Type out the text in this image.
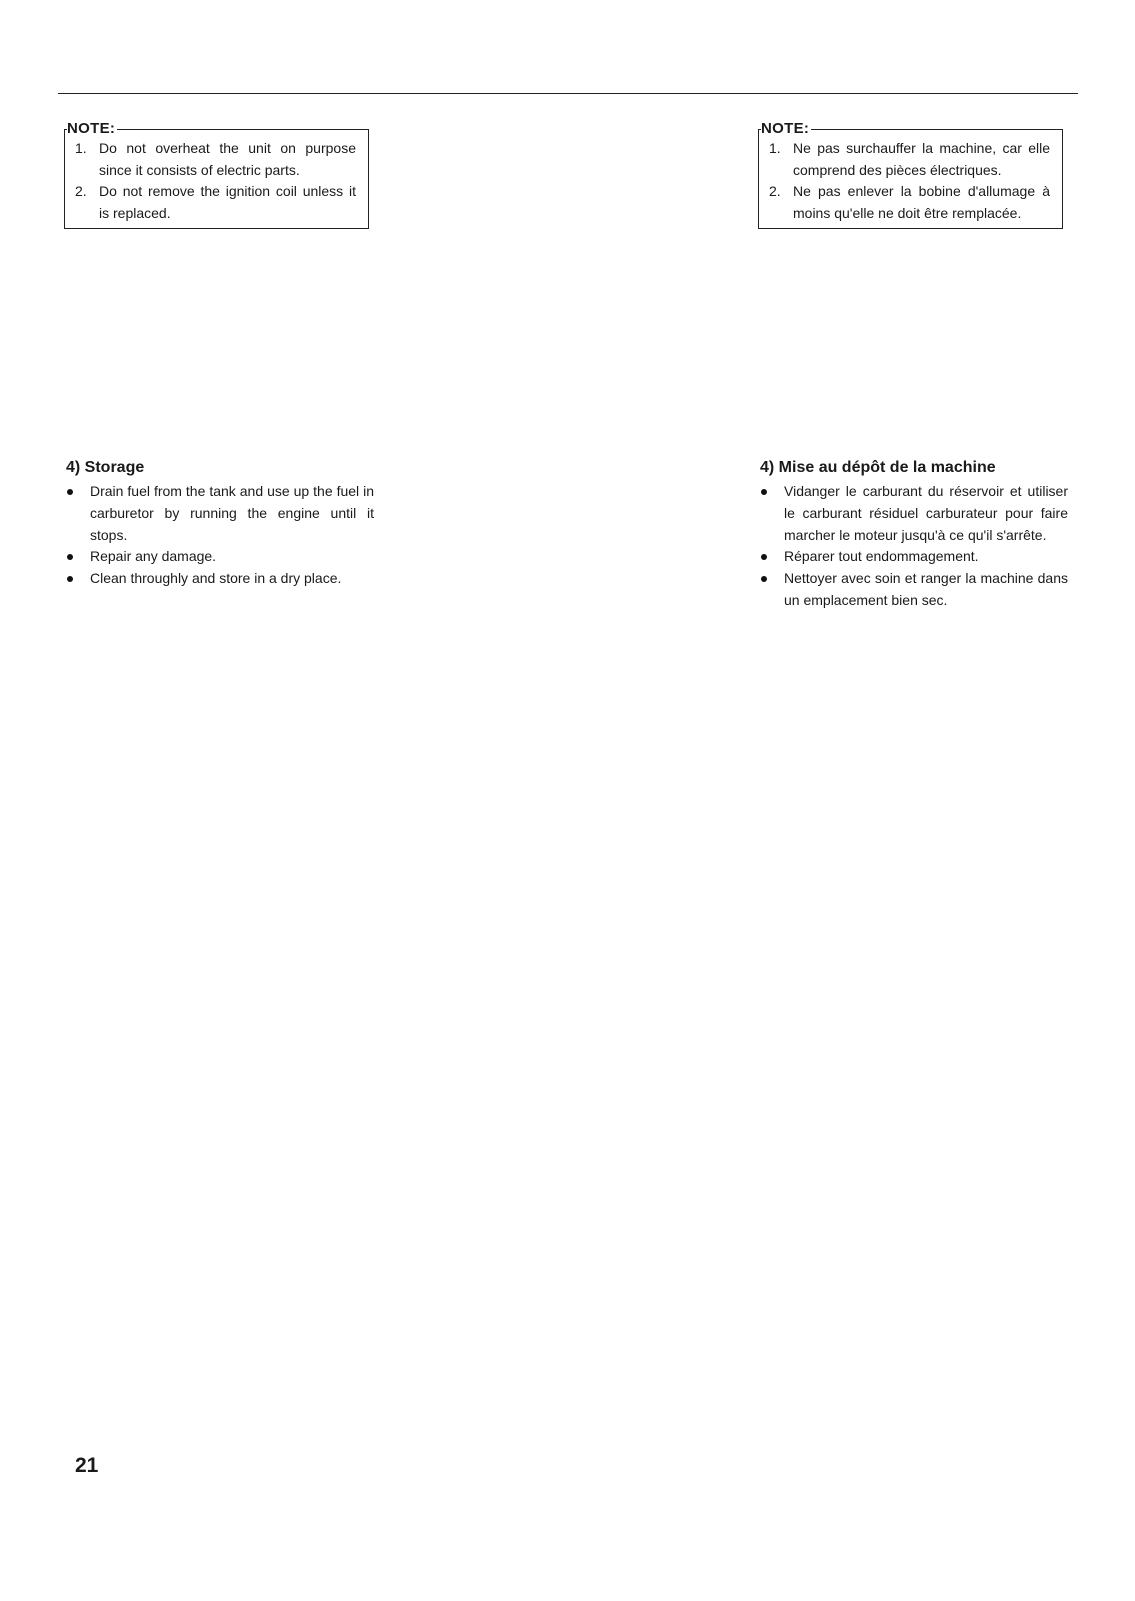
NOTE:
1. Do not overheat the unit on purpose since it consists of electric parts.
2. Do not remove the ignition coil unless it is replaced.
4) Storage
Drain fuel from the tank and use up the fuel in carburetor by running the engine until it stops.
Repair any damage.
Clean throughly and store in a dry place.
NOTE:
1. Ne pas surchauffer la machine, car elle comprend des pièces électriques.
2. Ne pas enlever la bobine d'allumage à moins qu'elle ne doit être remplacée.
4) Mise au dépôt de la machine
Vidanger le carburant du réservoir et utiliser le carburant résiduel carburateur pour faire marcher le moteur jusqu'à ce qu'il s'arrête.
Réparer tout endommagement.
Nettoyer avec soin et ranger la machine dans un emplacement bien sec.
21
